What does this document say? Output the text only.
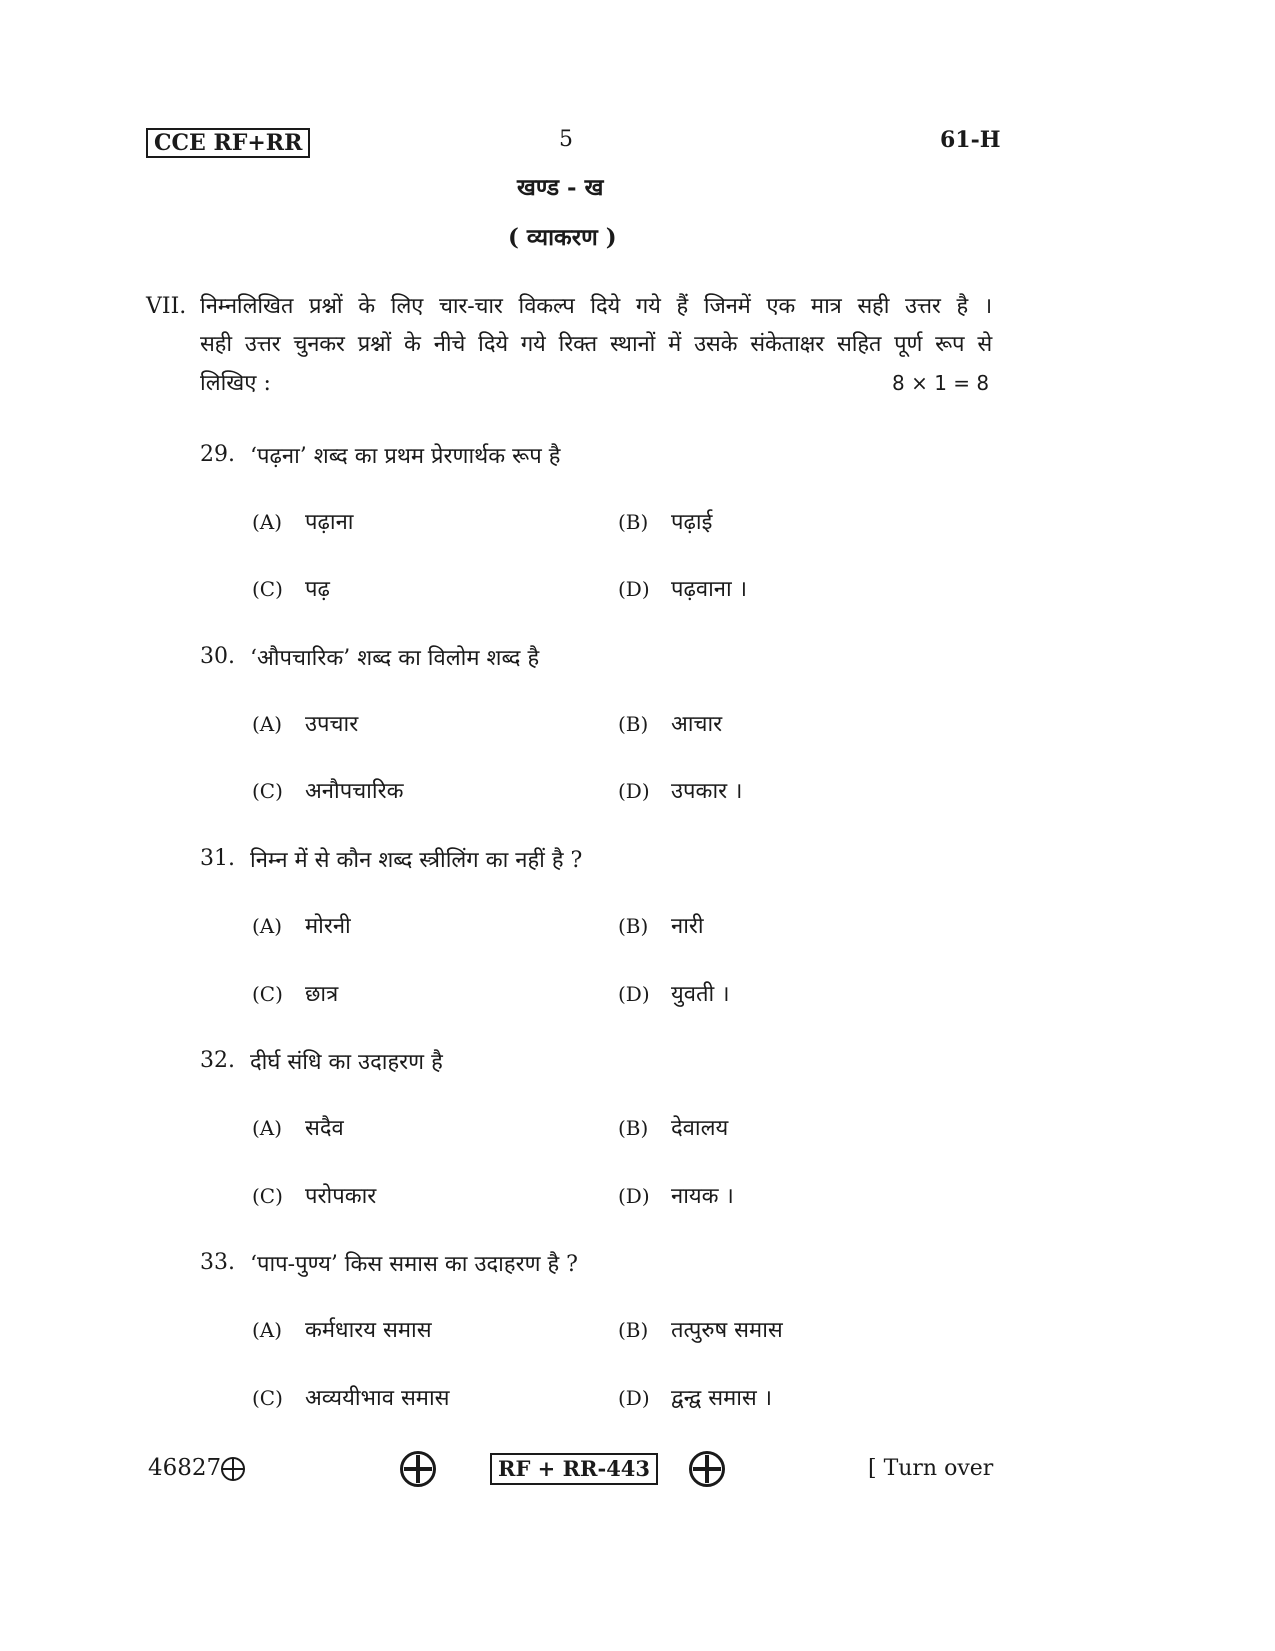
CCE RF+RR	5	61-H
खण्ड - ख
( व्याकरण )
VII. निम्नलिखित प्रश्नों के लिए चार-चार विकल्प दिये गये हैं जिनमें एक मात्र सही उत्तर है ।
सही उत्तर चुनकर प्रश्नों के नीचे दिये गये रिक्त स्थानों में उसके संकेताक्षर सहित पूर्ण रूप से
लिखिए :	8 × 1 = 8
29. ‘पढ़ना’ शब्द का प्रथम प्रेरणार्थक रूप है
(A) पढ़ाना	(B) पढ़ाई
(C) पढ़	(D) पढ़वाना ।
30. ‘औपचारिक’ शब्द का विलोम शब्द है
(A) उपचार	(B) आचार
(C) अनौपचारिक	(D) उपकार ।
31. निम्न में से कौन शब्द स्त्रीलिंग का नहीं है ?
(A) मोरनी	(B) नारी
(C) छात्र	(D) युवती ।
32. दीर्घ संधि का उदाहरण है
(A) सदैव	(B) देवालय
(C) परोपकार	(D) नायक ।
33. ‘पाप-पुण्य’ किस समास का उदाहरण है ?
(A) कर्मधारय समास	(B) तत्पुरुष समास
(C) अव्ययीभाव समास	(D) द्वन्द्व समास ।
46827	RF + RR-443	[ Turn over
